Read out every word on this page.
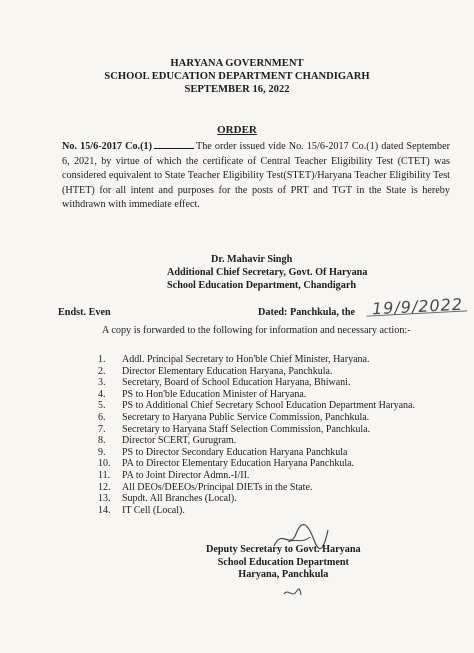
HARYANA GOVERNMENT
SCHOOL EDUCATION DEPARTMENT CHANDIGARH
SEPTEMBER 16, 2022
ORDER
No. 15/6-2017 Co.(1)	The order issued vide No. 15/6-2017 Co.(1) dated September 6, 2021, by virtue of which the certificate of Central Teacher Eligibility Test (CTET) was considered equivalent to State Teacher Eligibility Test(STET)/Haryana Teacher Eligibility Test (HTET) for all intent and purposes for the posts of PRT and TGT in the State is hereby withdrawn with immediate effect.
Dr. Mahavir Singh
Additional Chief Secretary, Govt. Of Haryana
School Education Department, Chandigarh
Endst. Even	Dated: Panchkula, the 19/9/2022
A copy is forwarded to the following for information and necessary action:-
1.	Addl. Principal Secretary to Hon'ble Chief Minister, Haryana.
2.	Director Elementary Education Haryana, Panchkula.
3.	Secretary, Board of School Education Haryana, Bhiwani.
4.	PS to Hon'ble Education Minister of Haryana.
5.	PS to Additional Chief Secretary School Education Department Haryana.
6.	Secretary to Haryana Public Service Commission, Panchkula.
7.	Secretary to Haryana Staff Selection Commission, Panchkula.
8.	Director SCERT, Gurugram.
9.	PS to Director Secondary Education Haryana Panchkula
10.	PA to Director Elementary Education Haryana Panchkula.
11.	PA to Joint Director Admn.-I/II.
12.	All DEOs/DEEOs/Principal DIETs in the State.
13.	Supdt. All Branches (Local).
14.	IT Cell (Local).
Deputy Secretary to Govt. Haryana
School Education Department
Haryana, Panchkula
